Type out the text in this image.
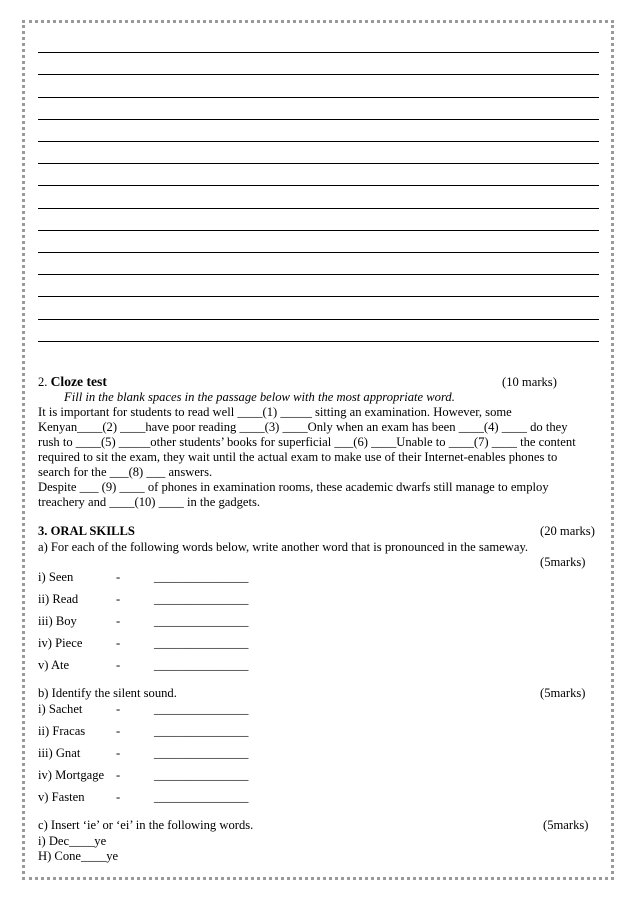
2. Cloze test	(10 marks)
Fill in the blank spaces in the passage below with the most appropriate word.
It is important for students to read well ____(1) _____ sitting an examination. However, some
Kenyan____(2) ____have poor reading ____(3) ____Only when an exam has been ____(4) ____ do they
rush to ____(5) _____other students’ books for superficial ___(6) ____Unable to ____(7) ____ the content
required to sit the exam, they wait until the actual exam to make use of their Internet-enables phones to
search for the ___(8) ___ answers.
Despite ___ (9) ____ of phones in examination rooms, these academic dwarfs still manage to employ
treachery and ____(10) ____ in the gadgets.
3. ORAL SKILLS	(20 marks)
a) For each of the following words below, write another word that is pronounced in the sameway.
(5marks)
i) Seen	-	_______________
ii) Read	-	_______________
iii) Boy	-	_______________
iv) Piece	-	_______________
v) Ate	-	_______________
b) Identify the silent sound.	(5marks)
i) Sachet	-	_______________
ii) Fracas -	_______________
iii) Gnat	-	_______________
iv) Mortgage -	_______________
v) Fasten -	_______________
c) Insert ‘ie’ or ‘ei’ in the following words.	(5marks)
i) Dec____ye
H) Cone____ye
